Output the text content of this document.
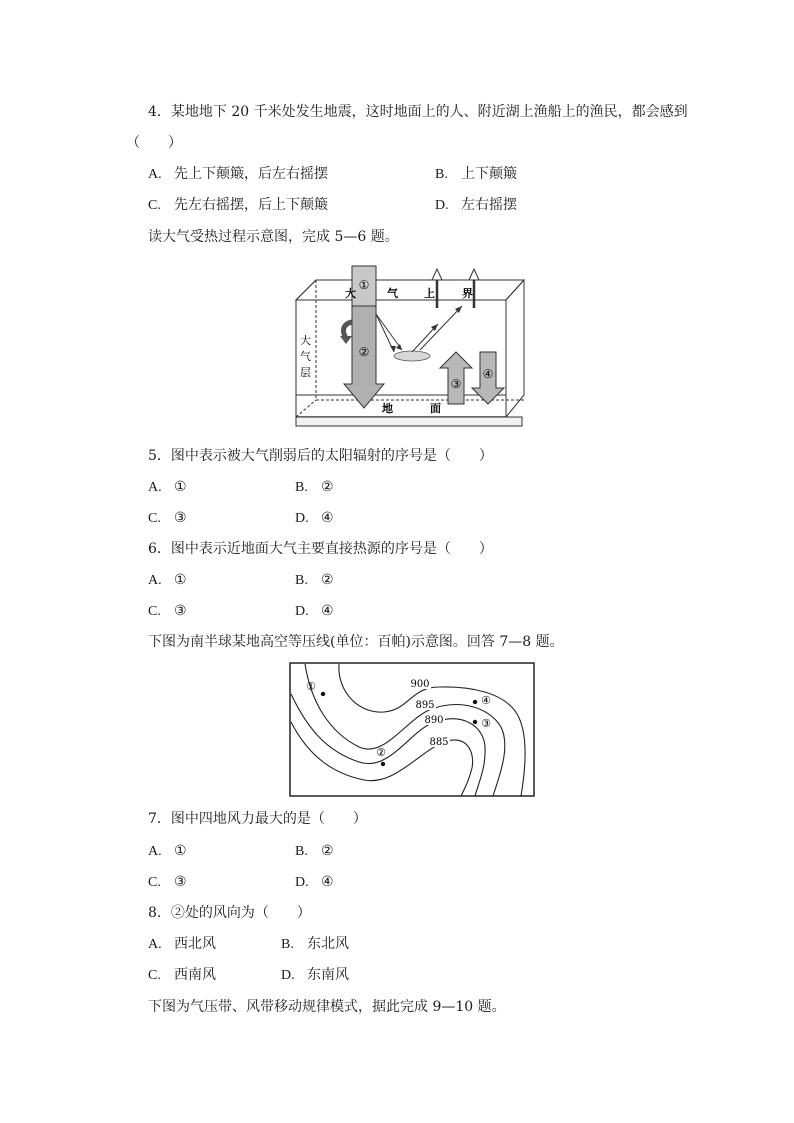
4．某地地下 20 千米处发生地震，这时地面上的人、附近湖上渔船上的渔民，都会感到
（　　）
A. 先上下颠簸，后左右摇摆	B. 上下颠簸
C. 先左右摇摆，后上下颠簸	D. 左右摇摆
读大气受热过程示意图，完成 5—6 题。
①
②
③
④
大	气 上 界
大
气
层
地	面
5．图中表示被大气削弱后的太阳辐射的序号是（　　）
A. ①	B. ②
C. ③	D. ④
6．图中表示近地面大气主要直接热源的序号是（　　）
A. ①	B. ②
C. ③	D. ④
下图为南半球某地高空等压线(单位：百帕)示意图。回答 7—8 题。
900
895
890
885
①
②
③
④
7．图中四地风力最大的是（　　）
A. ①	B. ②
C. ③	D. ④
8．②处的风向为（　　）
A. 西北风	B. 东北风
C. 西南风	D. 东南风
下图为气压带、风带移动规律模式，据此完成 9—10 题。
